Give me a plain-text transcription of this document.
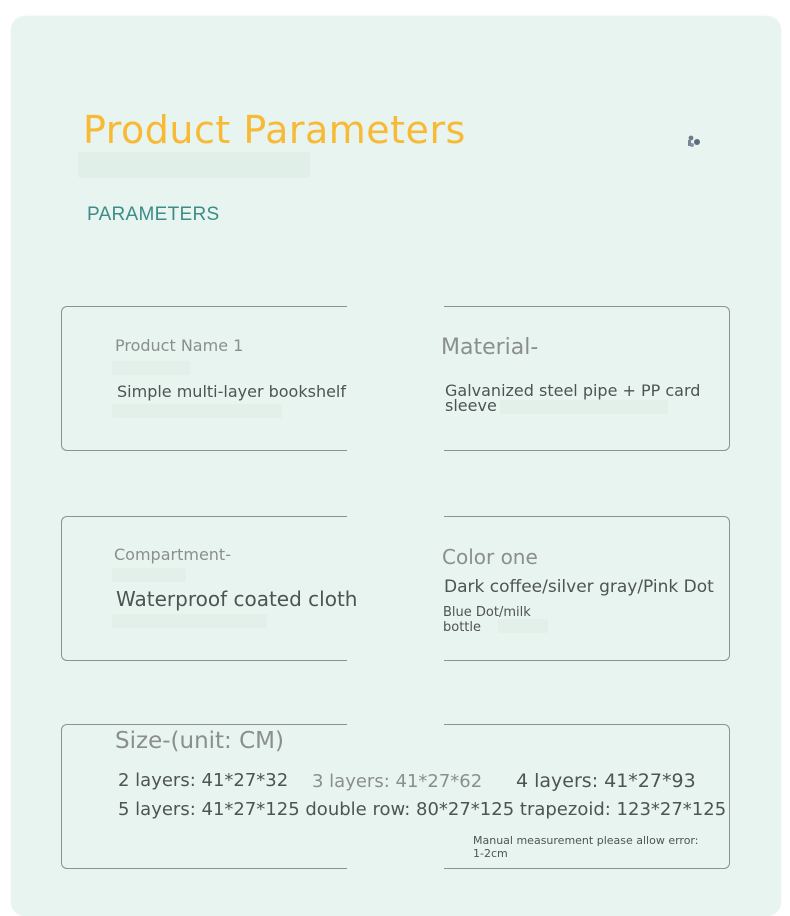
Product Parameters
PARAMETERS
Product Name 1
Simple multi-layer bookshelf
Material-
Galvanized steel pipe + PP card
sleeve
Compartment-
Waterproof coated cloth
Color one
Dark coffee/silver gray/Pink Dot
Blue Dot/milk
bottle
Size-(unit: CM)
2 layers: 41*27*32 3 layers: 41*27*62 4 layers: 41*27*93
5 layers: 41*27*125 double row: 80*27*125 trapezoid: 123*27*125
Manual measurement please allow error:
1-2cm
